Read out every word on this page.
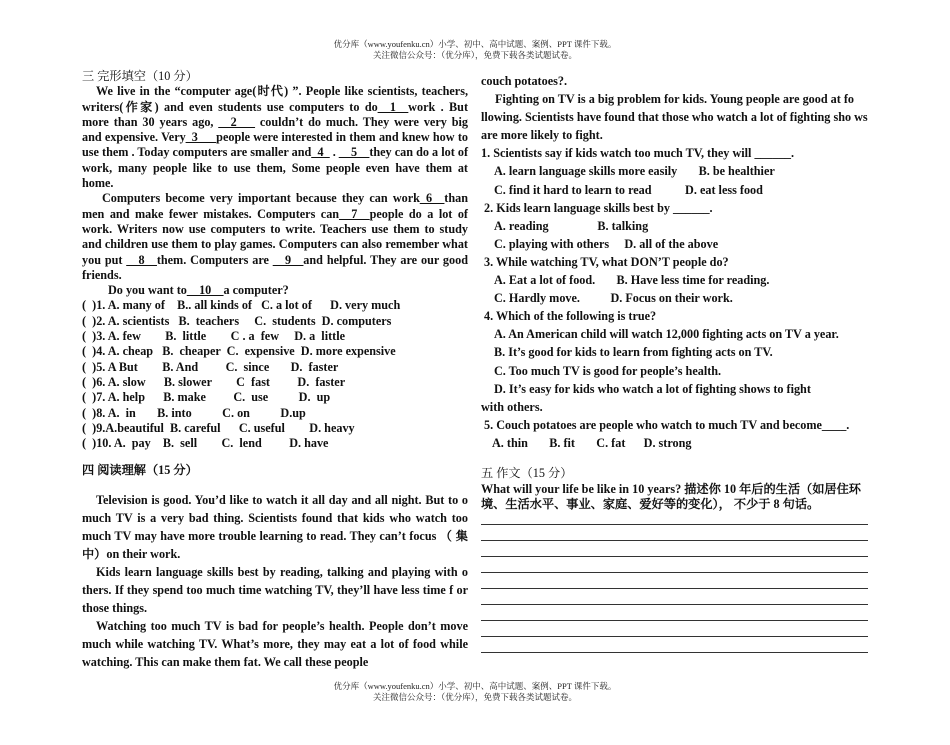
优分库（www.youfenku.cn）小学、初中、高中试题、案例、PPT 课件下载。
关注微信公众号：（优分库），免费下载各类试题试卷。

三 完形填空（10 分）

We live in the “computer age(时代) ”. People like scientists, teachers, writers(作家) and even students use computers to do__1__work . But more than 30 years ago, __2___ couldn’t do much. They were very big and expensive. Very_3___people were interested in them and knew how to use them . Today computers are smaller and_4_ . __5__they can do a lot of work, many people like to use them, Some people even have them at home.

Computers become very important because they can work_6__than men and make fewer mistakes. Computers can__7__people do a lot of work. Writers now use computers to write. Teachers use them to study and children use them to play games. Computers can also remember what you put __8__them. Computers are __9__and helpful. They are our good friends.

Do you want to__10__a computer?

(  )1. A. many of    B.. all kinds of   C. a lot of      D. very much
(  )2. A. scientists   B.  teachers     C.  students  D. computers
(  )3. A. few        B.  little        C . a  few     D. a  little
(  )4. A. cheap   B.  cheaper  C.  expensive  D. more expensive
(  )5. A But        B. And         C.  since       D.  faster
(  )6. A. slow      B. slower        C  fast         D.  faster
(  )7. A. help      B. make         C.  use          D.  up
(  )8. A.  in       B. into          C. on          D.up
(  )9.A.beautiful  B. careful      C. useful        D. heavy
(  )10. A.  pay    B.  sell        C.  lend         D. have

四 阅读理解（15 分）

Television is good. You’d like to watch it all day and all night. But to o much TV is a very bad thing. Scientists found that kids who watch too much TV may have more trouble learning to read. They can’t focus （ 集中）on their work.

Kids learn language skills best by reading, talking and playing with o thers. If they spend too much time watching TV, they’ll have less time f or those things.

Watching too much TV is bad for people’s health. People don’t move much while watching TV. What’s more, they may eat a lot of food while watching. This can make them fat. We call these people

couch potatoes?.

Fighting on TV is a big problem for kids. Young people are good at fo llowing. Scientists have found that those who watch a lot of fighting sho ws are more likely to fight.

1. Scientists say if kids watch too much TV, they will ______.
A. learn language skills more easily       B. be healthier
C. find it hard to learn to read           D. eat less food
2. Kids learn language skills best by ______.
A. reading                B. talking
C. playing with others     D. all of the above
3. While watching TV, what DON’T people do?
A. Eat a lot of food.       B. Have less time for reading.
C. Hardly move.          D. Focus on their work.
4. Which of the following is true?
A. An American child will watch 12,000 fighting acts on TV a year.
B. It’s good for kids to learn from fighting acts on TV.
C. Too much TV is good for people’s health.
D. It’s easy for kids who watch a lot of fighting shows to fight
with others.
5. Couch potatoes are people who watch to much TV and become____.
A. thin       B. fit       C. fat      D. strong

五 作文（15 分）

What will your life be like in 10 years? 描述你 10 年后的生活（如居住环境、生活水平、事业、家庭、爱好等的变化）， 不少于 8 句话。

优分库（www.youfenku.cn）小学、初中、高中试题、案例、PPT 课件下载。
关注微信公众号：（优分库），免费下载各类试题试卷。
